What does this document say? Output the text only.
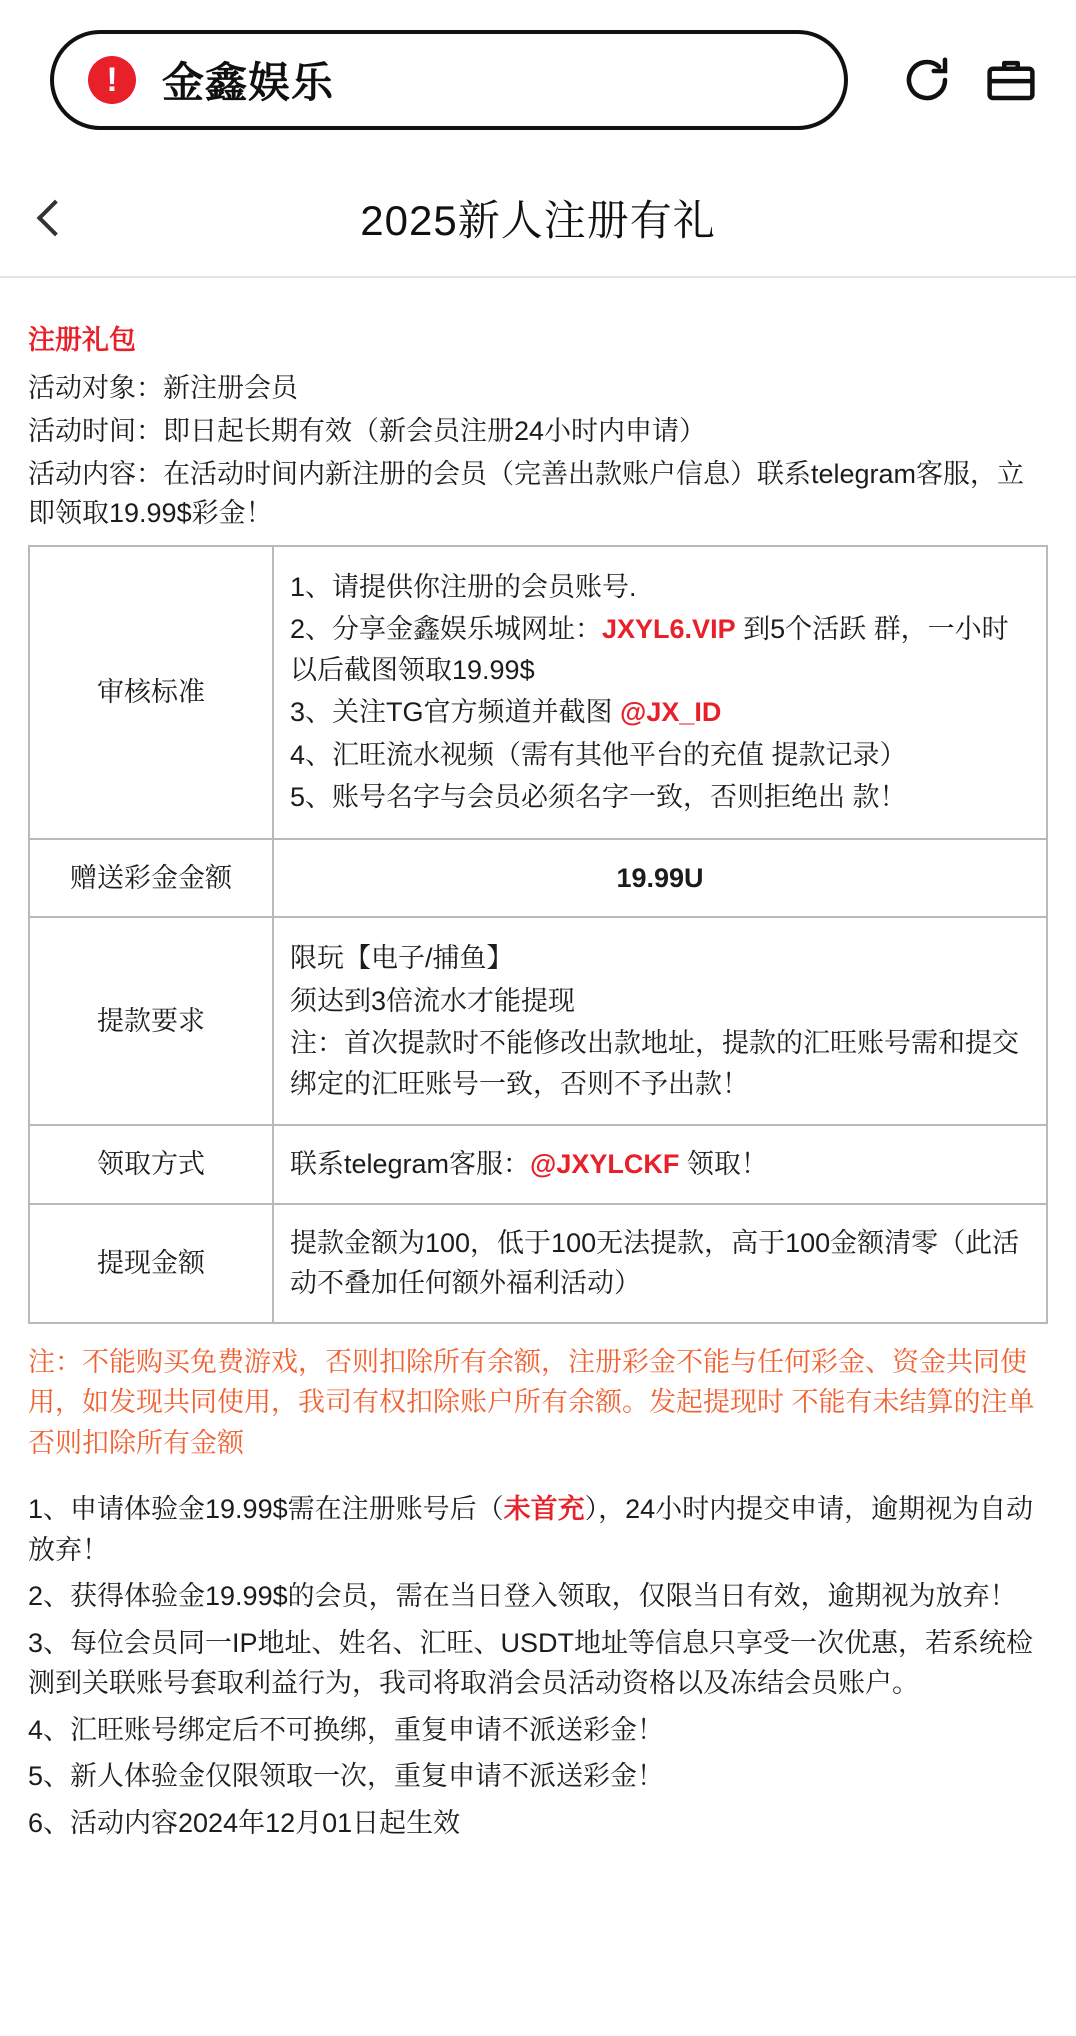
!	金鑫娱乐
2025新人注册有礼
注册礼包
活动对象：新注册会员
活动时间：即日起长期有效（新会员注册24小时内申请）
活动内容：在活动时间内新注册的会员（完善出款账户信息）联系telegram客服，立即领取19.99$彩金！
审核标准	1、请提供你注册的会员账号.
2、分享金鑫娱乐城网址：JXYL6.VIP 到5个活跃 群，一小时以后截图领取19.99$
3、关注TG官方频道并截图 @JX_ID
4、汇旺流水视频（需有其他平台的充值 提款记录）
5、账号名字与会员必须名字一致，否则拒绝出 款！

赠送彩金金额	19.99U
提款要求	限玩【电子/捕鱼】
须达到3倍流水才能提现
注：首次提款时不能修改出款地址，提款的汇旺账号需和提交绑定的汇旺账号一致，否则不予出款！

领取方式	联系telegram客服：@JXYLCKF 领取！
提现金额	提款金额为100，低于100无法提款，高于100金额清零（此活动不叠加任何额外福利活动）
注：不能购买免费游戏，否则扣除所有余额，注册彩金不能与任何彩金、资金共同使用，如发现共同使用，我司有权扣除账户所有余额。发起提现时 不能有未结算的注单 否则扣除所有金额
1、申请体验金19.99$需在注册账号后（未首充），24小时内提交申请，逾期视为自动放弃！
2、获得体验金19.99$的会员，需在当日登入领取，仅限当日有效，逾期视为放弃！
3、每位会员同一IP地址、姓名、汇旺、USDT地址等信息只享受一次优惠，若系统检测到关联账号套取利益行为，我司将取消会员活动资格以及冻结会员账户。
4、汇旺账号绑定后不可换绑，重复申请不派送彩金！
5、新人体验金仅限领取一次，重复申请不派送彩金！
6、活动内容2024年12月01日起生效
